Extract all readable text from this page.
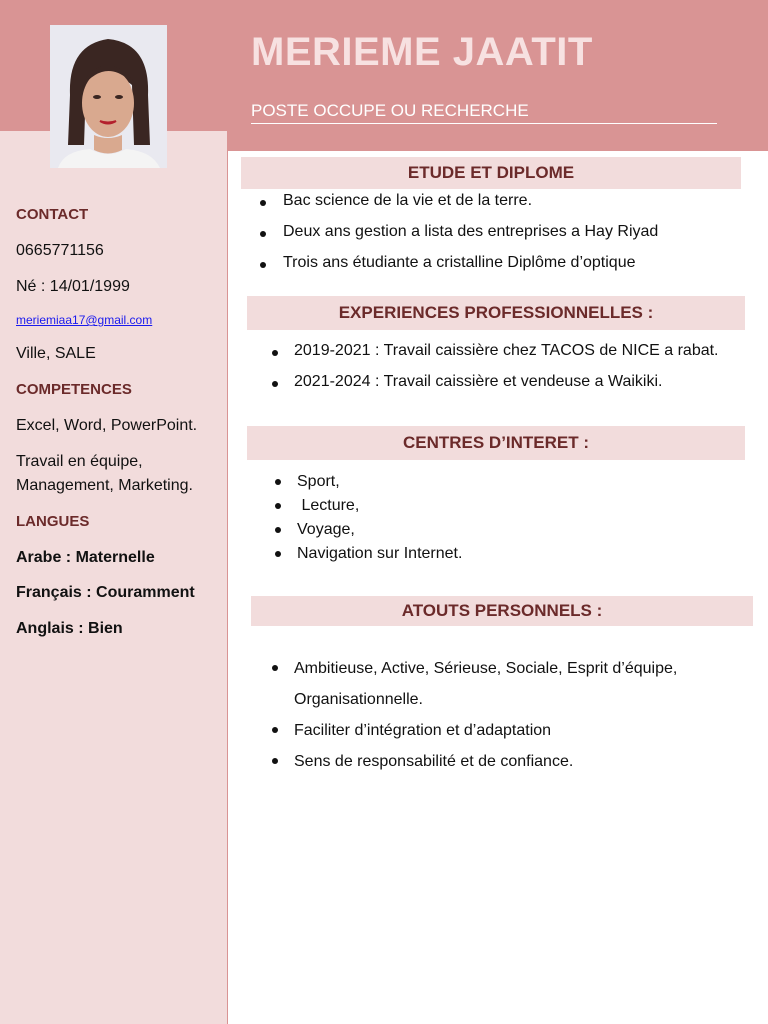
MERIEME JAATIT
POSTE OCCUPE OU RECHERCHE
CONTACT
0665771156
Né : 14/01/1999
meriemiaa17@gmail.com
Ville, SALE
COMPETENCES
Excel, Word, PowerPoint.
Travail en équipe,
Management, Marketing.
LANGUES
Arabe : Maternelle
Français : Couramment
Anglais : Bien
ETUDE ET DIPLOME
Bac science de la vie et de la terre.
Deux ans gestion a lista des entreprises a Hay Riyad
Trois ans étudiante a cristalline Diplôme d’optique
EXPERIENCES PROFESSIONNELLES :
2019-2021 : Travail caissière chez TACOS de NICE a rabat.
2021-2024 : Travail caissière et vendeuse a Waikiki.
CENTRES D’INTERET :
Sport,
Lecture,
Voyage,
Navigation sur Internet.
ATOUTS PERSONNELS :
Ambitieuse, Active, Sérieuse, Sociale, Esprit d’équipe,
Organisationnelle.
Faciliter d’intégration et d’adaptation
Sens de responsabilité et de confiance.
